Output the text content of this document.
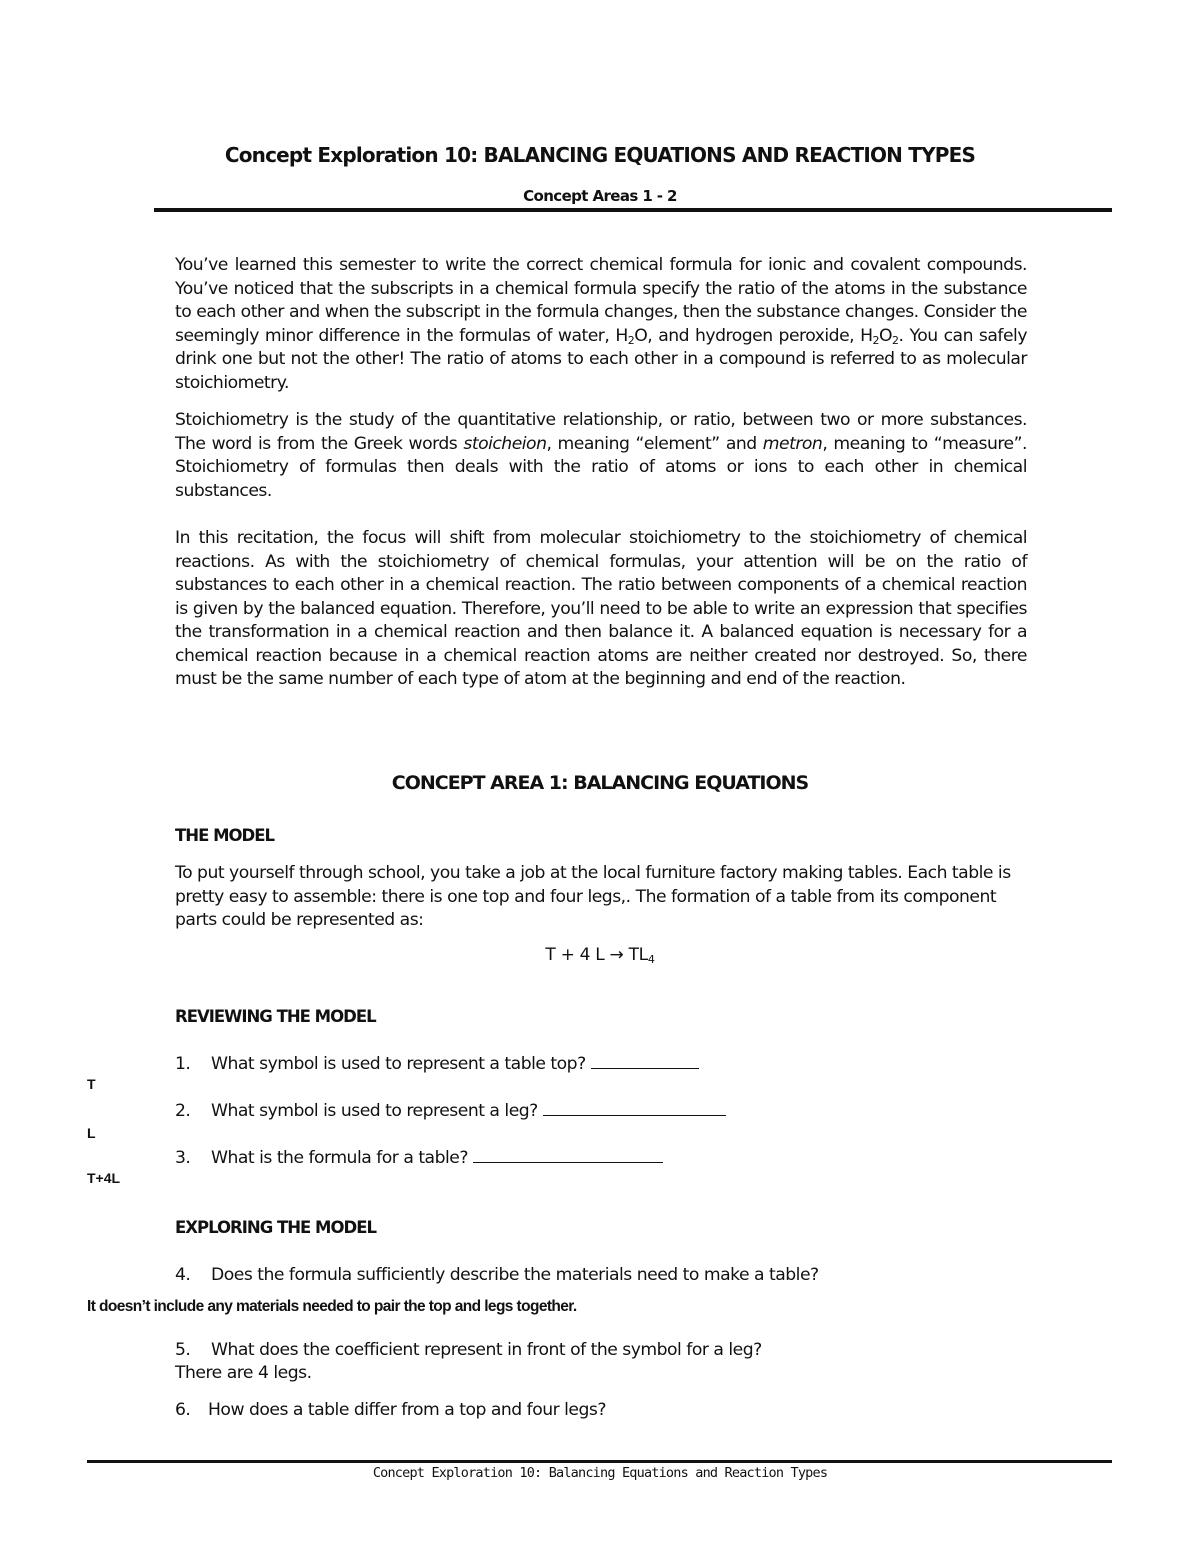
Concept Exploration 10: BALANCING EQUATIONS AND REACTION TYPES
Concept Areas 1 - 2

You’ve learned this semester to write the correct chemical formula for ionic and covalent compounds. You’ve noticed that the subscripts in a chemical formula specify the ratio of the atoms in the substance to each other and when the subscript in the formula changes, then the substance changes. Consider the seemingly minor difference in the formulas of water, $H_2O$, and hydrogen peroxide, $H_2O_2$. You can safely drink one but not the other! The ratio of atoms to each other in a compound is referred to as molecular stoichiometry.

Stoichiometry is the study of the quantitative relationship, or ratio, between two or more substances. The word is from the Greek words stoicheion, meaning “element” and metron, meaning to “measure”. Stoichiometry of formulas then deals with the ratio of atoms or ions to each other in chemical substances.

In this recitation, the focus will shift from molecular stoichiometry to the stoichiometry of chemical reactions. As with the stoichiometry of chemical formulas, your attention will be on the ratio of substances to each other in a chemical reaction. The ratio between components of a chemical reaction is given by the balanced equation. Therefore, you’ll need to be able to write an expression that specifies the transformation in a chemical reaction and then balance it. A balanced equation is necessary for a chemical reaction because in a chemical reaction atoms are neither created nor destroyed. So, there must be the same number of each type of atom at the beginning and end of the reaction.

CONCEPT AREA 1: BALANCING EQUATIONS
THE MODEL

To put yourself through school, you take a job at the local furniture factory making tables. Each table is pretty easy to assemble: there is one top and four legs,. The formation of a table from its component parts could be represented as:

T + 4 $L \to TL_4$
REVIEWING THE MODEL
1. What symbol is used to represent a table top?
2. What symbol is used to represent a leg?
3. What is the formula for a table?
T
L
T+4L
EXPLORING THE MODEL
4. Does the formula sufficiently describe the materials need to make a table?
It doesn’t include any materials needed to pair the top and legs together.
5. What does the coefficient represent in front of the symbol for a leg?
There are 4 legs.
6. How does a table differ from a top and four legs?
Concept Exploration 10: Balancing Equations and Reaction Types
